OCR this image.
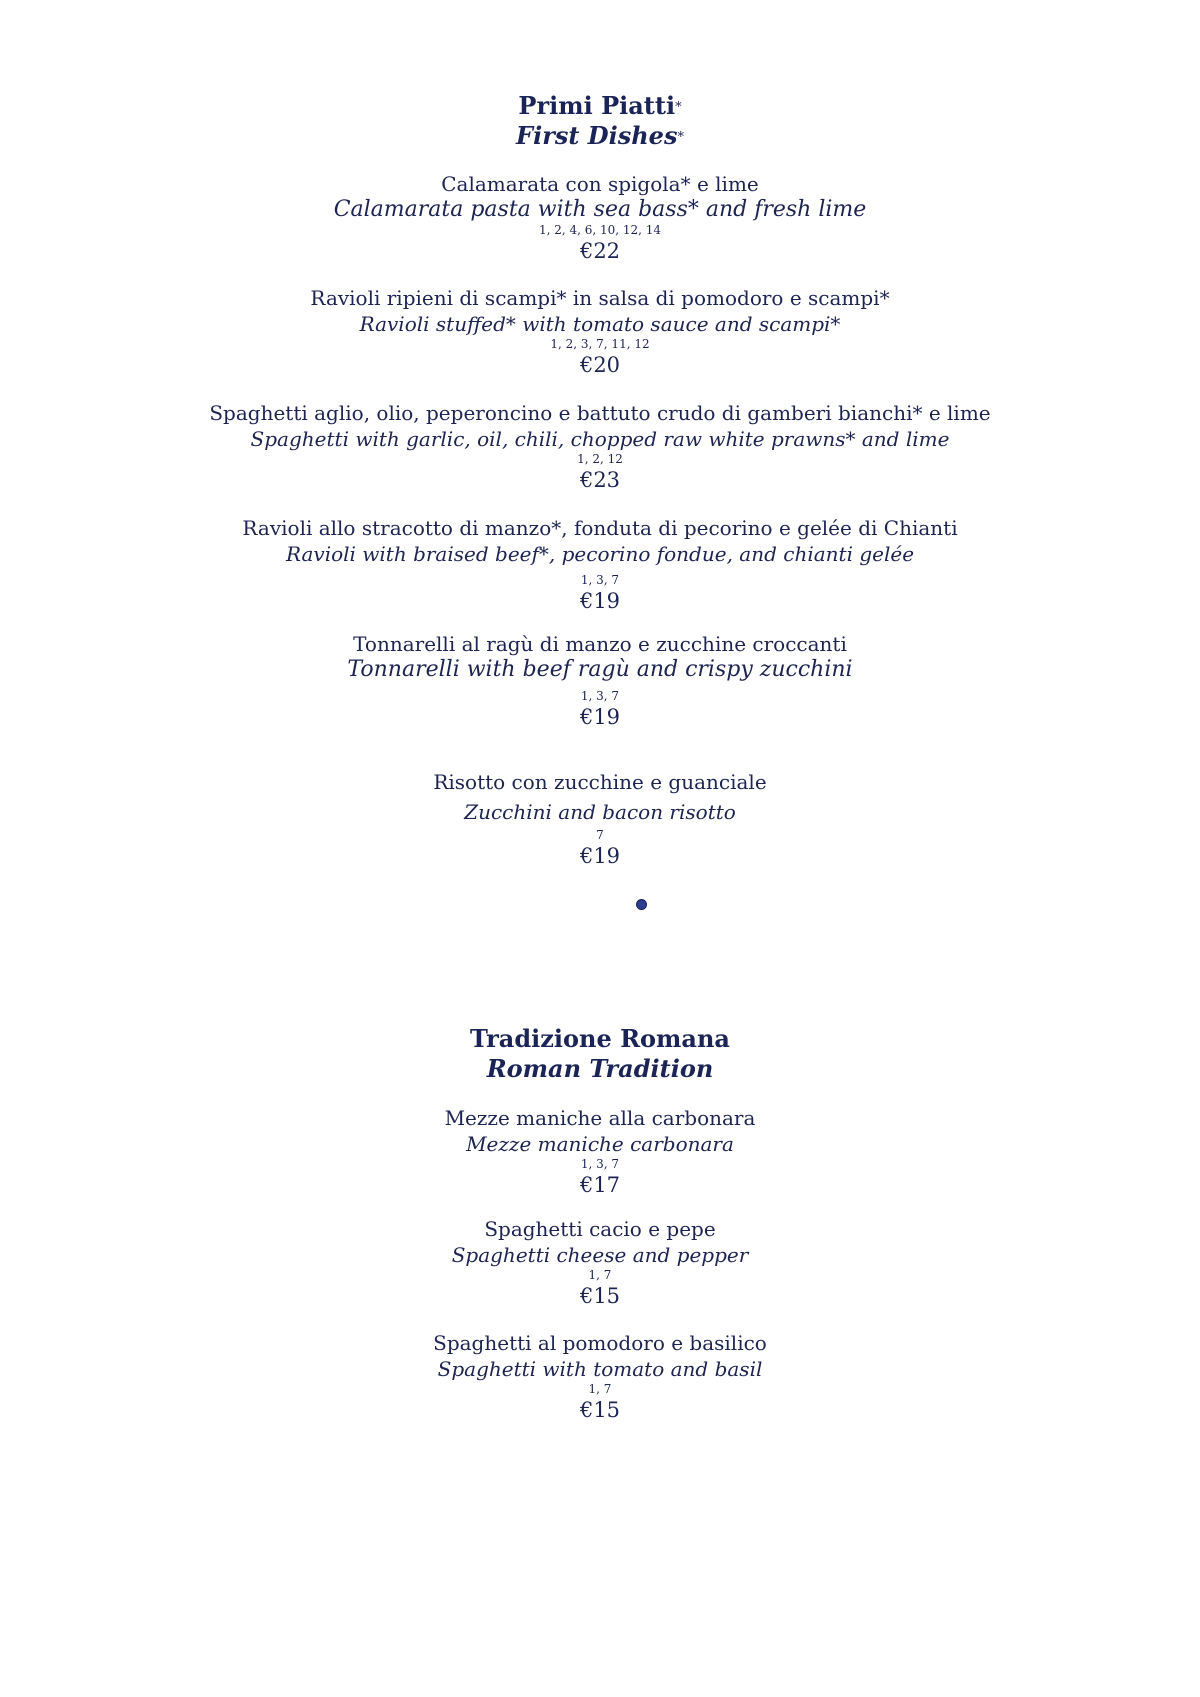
Primi Piatti*
First Dishes*
Calamarata con spigola* e lime
Calamarata pasta with sea bass* and fresh lime
1, 2, 4, 6, 10, 12, 14
€22
Ravioli ripieni di scampi* in salsa di pomodoro e scampi*
Ravioli stuffed* with tomato sauce and scampi*
1, 2, 3, 7, 11, 12
€20
Spaghetti aglio, olio, peperoncino e battuto crudo di gamberi bianchi* e lime
Spaghetti with garlic, oil, chili, chopped raw white prawns* and lime
1, 2, 12
€23
Ravioli allo stracotto di manzo*, fonduta di pecorino e gelée di Chianti
Ravioli with braised beef*, pecorino fondue, and chianti gelée
1, 3, 7
€19
Tonnarelli al ragù di manzo e zucchine croccanti
Tonnarelli with beef ragù and crispy zucchini
1, 3, 7
€19
Risotto con zucchine e guanciale
Zucchini and bacon risotto
7
€19
Tradizione Romana
Roman Tradition
Mezze maniche alla carbonara
Mezze maniche carbonara
1, 3, 7
€17
Spaghetti cacio e pepe
Spaghetti cheese and pepper
1, 7
€15
Spaghetti al pomodoro e basilico
Spaghetti with tomato and basil
1, 7
€15
